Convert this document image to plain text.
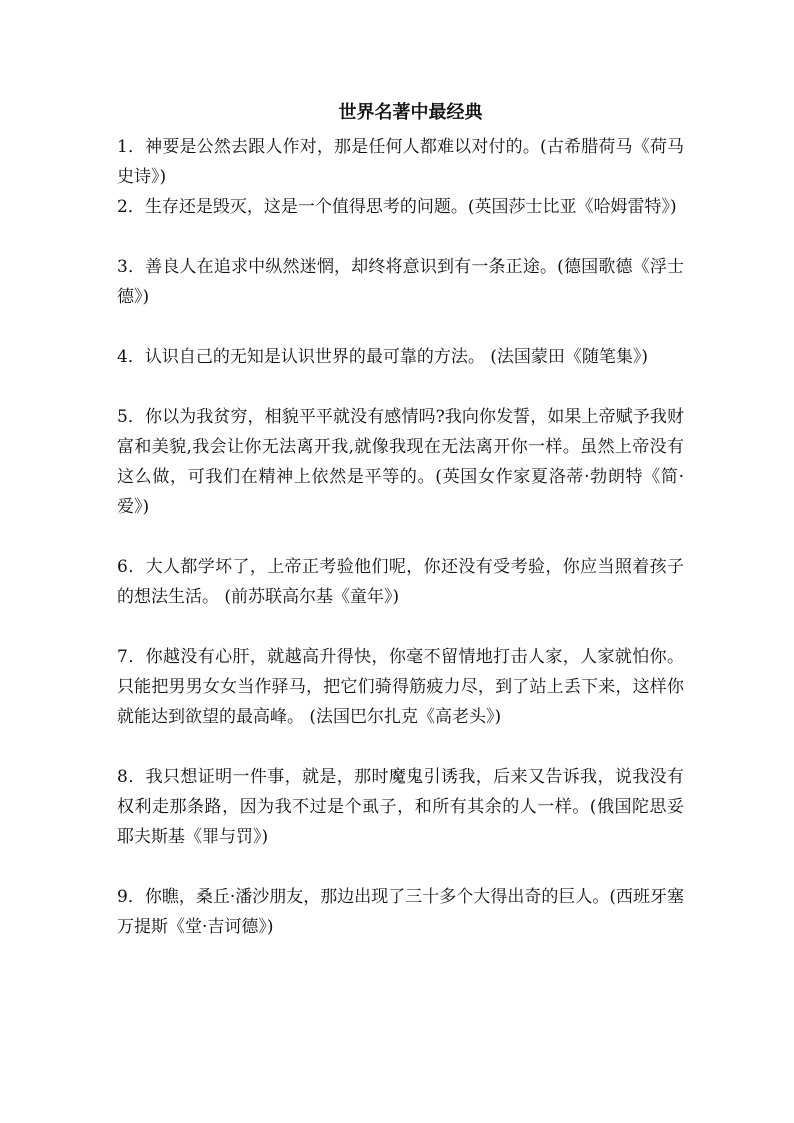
世界名著中最经典

1．神要是公然去跟人作对，那是任何人都难以对付的。(古希腊荷马《荷马史诗》)

2．生存还是毁灭，这是一个值得思考的问题。(英国莎士比亚《哈姆雷特》)

3．善良人在追求中纵然迷惘，却终将意识到有一条正途。(德国歌德《浮士德》)

4．认识自己的无知是认识世界的最可靠的方法。 (法国蒙田《随笔集》)

5．你以为我贫穷，相貌平平就没有感情吗?我向你发誓，如果上帝赋予我财富和美貌,我会让你无法离开我,就像我现在无法离开你一样。虽然上帝没有这么做，可我们在精神上依然是平等的。(英国女作家夏洛蒂·勃朗特《简·爱》)

6．大人都学坏了，上帝正考验他们呢，你还没有受考验，你应当照着孩子的想法生活。 (前苏联高尔基《童年》)

7．你越没有心肝，就越高升得快，你毫不留情地打击人家，人家就怕你。只能把男男女女当作驿马，把它们骑得筋疲力尽，到了站上丢下来，这样你就能达到欲望的最高峰。 (法国巴尔扎克《高老头》)

8．我只想证明一件事，就是，那时魔鬼引诱我，后来又告诉我，说我没有权利走那条路，因为我不过是个虱子，和所有其余的人一样。(俄国陀思妥耶夫斯基《罪与罚》)

9．你瞧，桑丘·潘沙朋友，那边出现了三十多个大得出奇的巨人。(西班牙塞万提斯《堂·吉诃德》)
